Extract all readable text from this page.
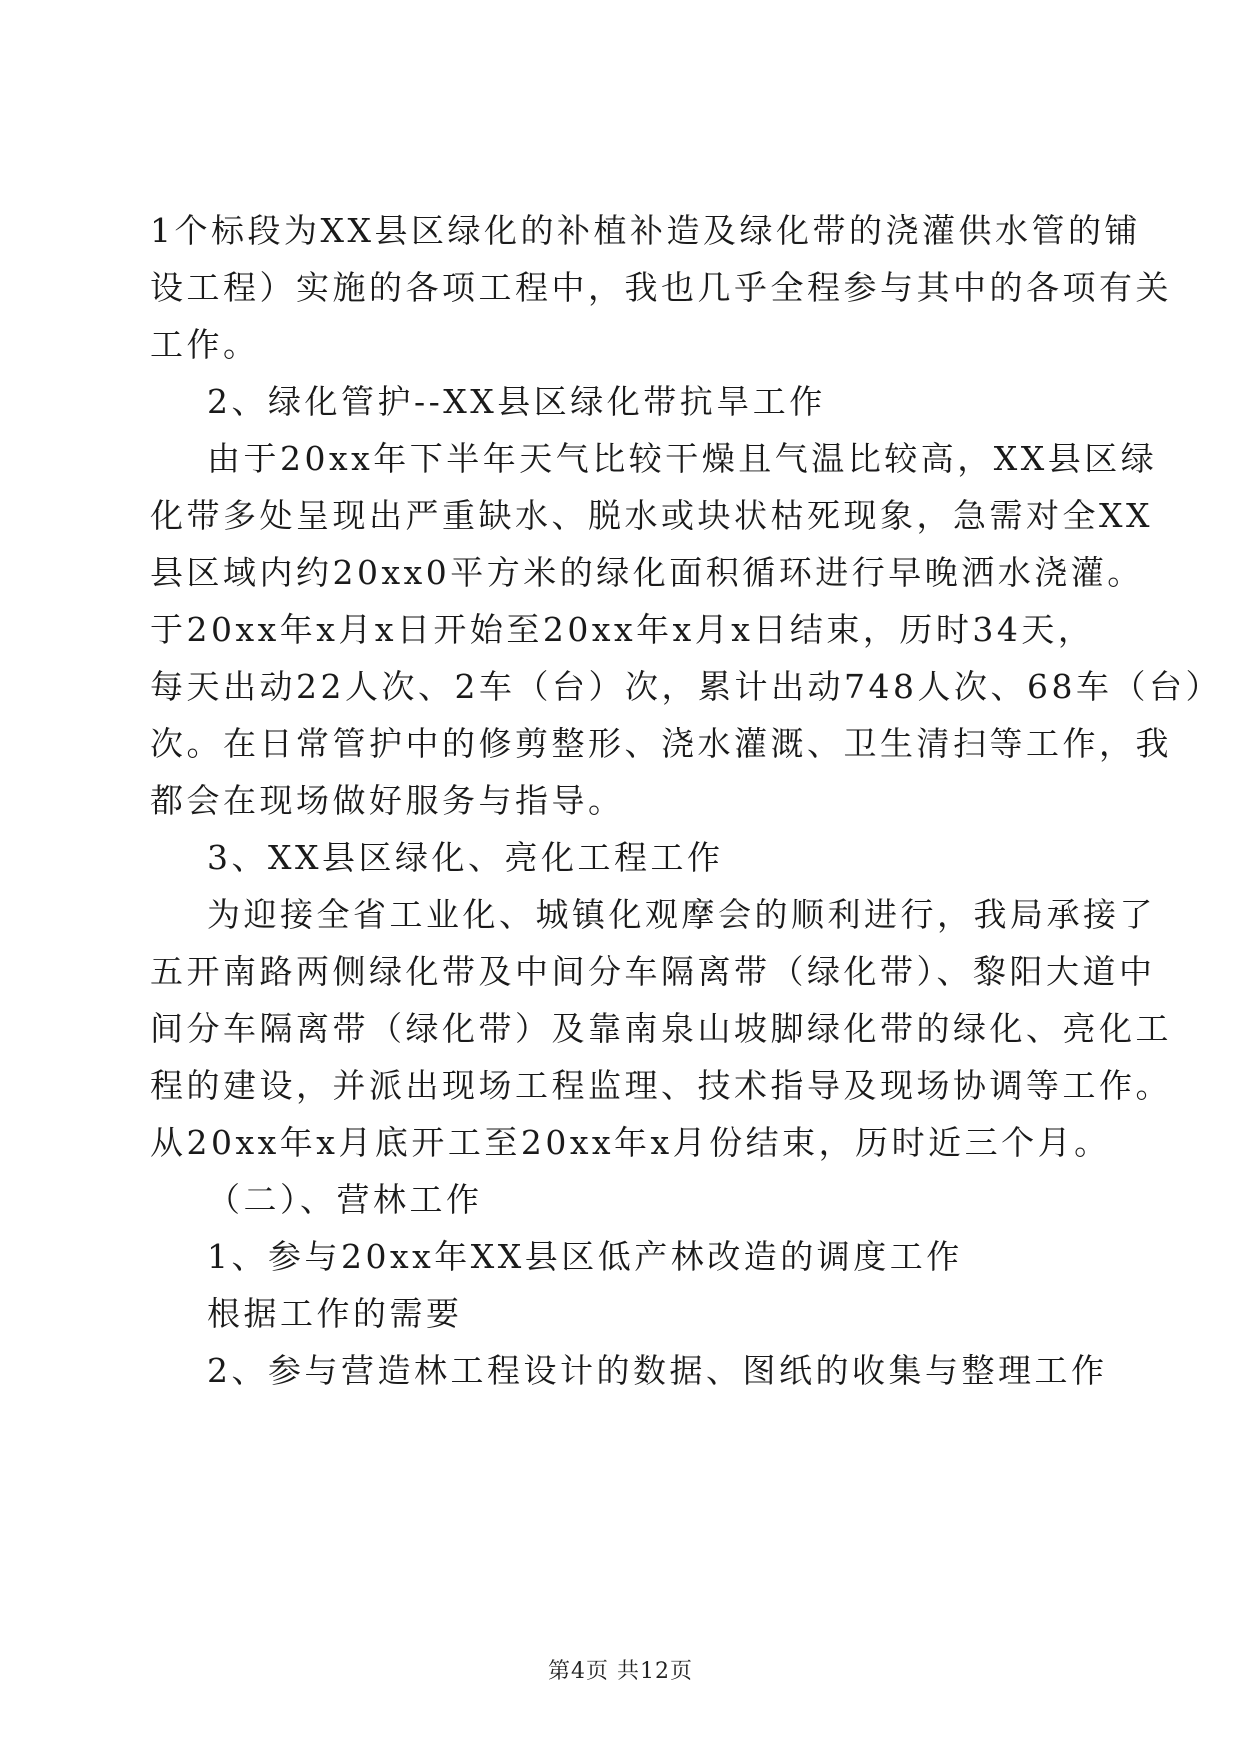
1个标段为XX县区绿化的补植补造及绿化带的浇灌供水管的铺
设工程）实施的各项工程中，我也几乎全程参与其中的各项有关
工作。
2、绿化管护--XX县区绿化带抗旱工作
由于20xx年下半年天气比较干燥且气温比较高，XX县区绿
化带多处呈现出严重缺水、脱水或块状枯死现象，急需对全XX
县区域内约20xx0平方米的绿化面积循环进行早晚洒水浇灌。
于20xx年x月x日开始至20xx年x月x日结束，历时34天，
每天出动22人次、2车（台）次，累计出动748人次、68车（台）
次。在日常管护中的修剪整形、浇水灌溉、卫生清扫等工作，我
都会在现场做好服务与指导。
3、XX县区绿化、亮化工程工作
为迎接全省工业化、城镇化观摩会的顺利进行，我局承接了
五开南路两侧绿化带及中间分车隔离带（绿化带）、黎阳大道中
间分车隔离带（绿化带）及靠南泉山坡脚绿化带的绿化、亮化工
程的建设，并派出现场工程监理、技术指导及现场协调等工作。
从20xx年x月底开工至20xx年x月份结束，历时近三个月。
（二）、营林工作
1、参与20xx年XX县区低产林改造的调度工作
根据工作的需要
2、参与营造林工程设计的数据、图纸的收集与整理工作
第4页 共12页
